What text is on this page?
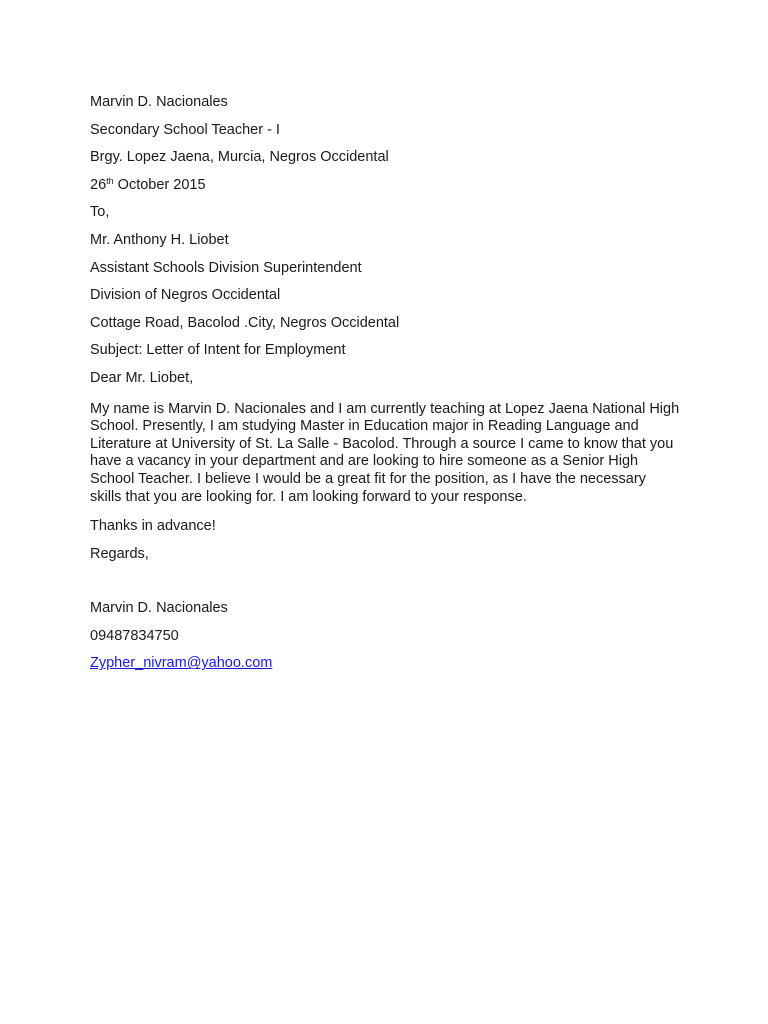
Marvin D. Nacionales
Secondary School Teacher - I
Brgy. Lopez Jaena, Murcia, Negros Occidental
26th October 2015
To,
Mr. Anthony H. Liobet
Assistant Schools Division Superintendent
Division of Negros Occidental
Cottage Road, Bacolod .City, Negros Occidental
Subject: Letter of Intent for Employment
Dear Mr. Liobet,
My name is Marvin D. Nacionales and I am currently teaching at Lopez Jaena National High School. Presently, I am studying Master in Education major in Reading Language and Literature at University of St. La Salle - Bacolod. Through a source I came to know that you have a vacancy in your department and are looking to hire someone as a Senior High School Teacher. I believe I would be a great fit for the position, as I have the necessary skills that you are looking for. I am looking forward to your response.
Thanks in advance!
Regards,
Marvin D. Nacionales
09487834750
Zypher_nivram@yahoo.com
